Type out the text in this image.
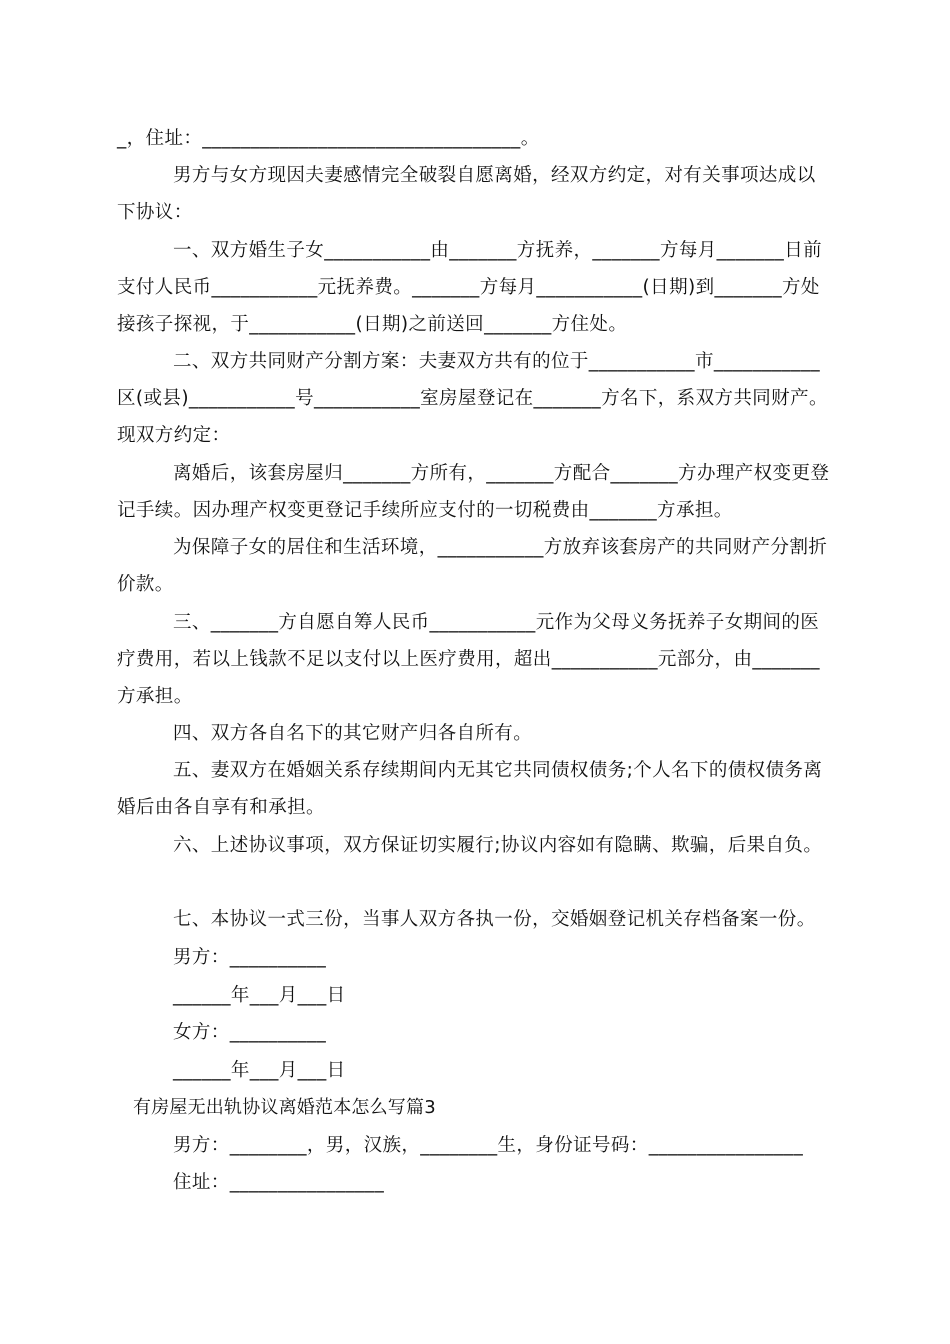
_，住址：_________________________________。
男方与女方现因夫妻感情完全破裂自愿离婚，经双方约定，对有关事项达成以
下协议：
一、双方婚生子女___________由_______方抚养，_______方每月_______日前
支付人民币___________元抚养费。_______方每月___________(日期)到_______方处
接孩子探视，于___________(日期)之前送回_______方住处。
二、双方共同财产分割方案：夫妻双方共有的位于___________市___________
区(或县)___________号___________室房屋登记在_______方名下，系双方共同财产。
现双方约定：
离婚后，该套房屋归_______方所有，_______方配合_______方办理产权变更登
记手续。因办理产权变更登记手续所应支付的一切税费由_______方承担。
为保障子女的居住和生活环境，___________方放弃该套房产的共同财产分割折
价款。
三、_______方自愿自筹人民币___________元作为父母义务抚养子女期间的医
疗费用，若以上钱款不足以支付以上医疗费用，超出___________元部分，由_______
方承担。
四、双方各自名下的其它财产归各自所有。
五、妻双方在婚姻关系存续期间内无其它共同债权债务;个人名下的债权债务离
婚后由各自享有和承担。
六、上述协议事项，双方保证切实履行;协议内容如有隐瞒、欺骗，后果自负。
七、本协议一式三份，当事人双方各执一份，交婚姻登记机关存档备案一份。
男方：__________
______年___月___日
女方：__________
______年___月___日
有房屋无出轨协议离婚范本怎么写篇3
男方：________，男，汉族，________生，身份证号码：________________
住址：________________
